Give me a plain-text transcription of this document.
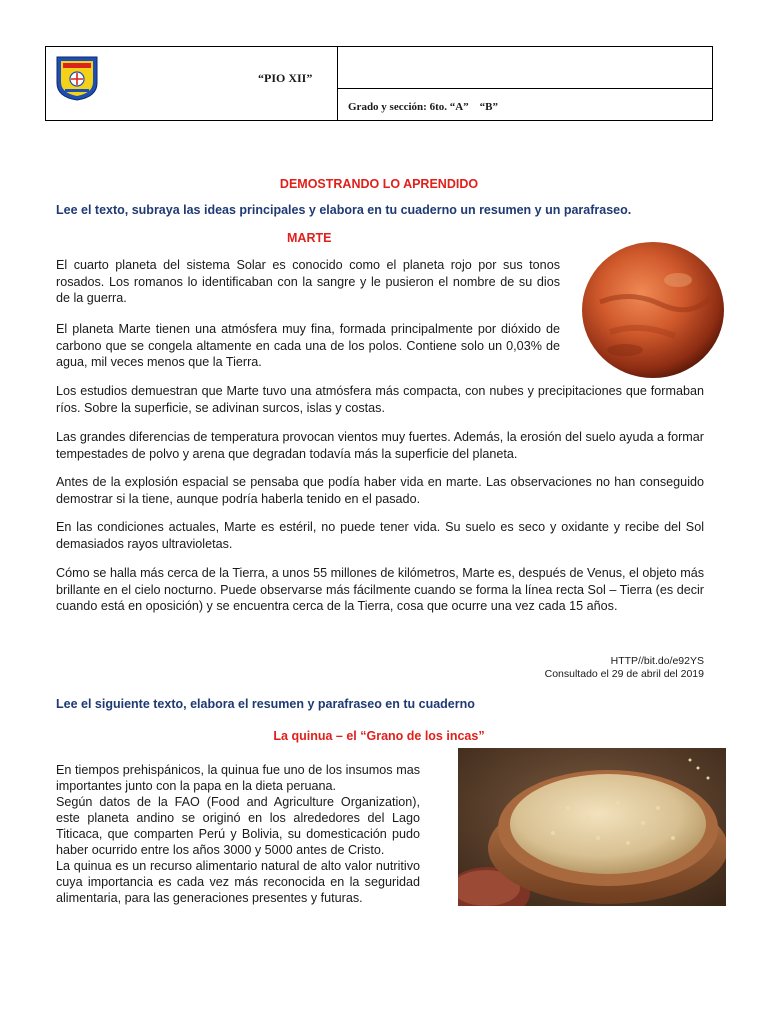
“PIO XII”
Grado y sección: 6to. “A”    “B”
DEMOSTRANDO LO APRENDIDO
Lee el texto, subraya las ideas principales y elabora en tu cuaderno un resumen y un parafraseo.
MARTE

El cuarto planeta del sistema Solar es conocido como el planeta rojo por sus tonos rosados. Los romanos lo identificaban con la sangre y le pusieron el nombre de su dios de la guerra.

El planeta Marte tienen una atmósfera muy fina, formada principalmente por dióxido de carbono que se congela altamente en cada una de los polos. Contiene solo un 0,03% de agua, mil veces menos que la Tierra.

Los estudios demuestran que Marte tuvo una atmósfera más compacta, con nubes y precipitaciones que formaban ríos. Sobre la superficie, se adivinan surcos, islas y costas.

Las grandes diferencias de temperatura provocan vientos muy fuertes. Además, la erosión del suelo ayuda a formar tempestades de polvo y arena que degradan todavía más la superficie del planeta.

Antes de la explosión espacial se pensaba que podía haber vida en marte. Las observaciones no han conseguido demostrar si la tiene, aunque podría haberla tenido en el pasado.

En las condiciones actuales, Marte es estéril, no puede tener vida. Su suelo es seco y oxidante y recibe del Sol demasiados rayos ultravioletas.

Cómo se halla más cerca de la Tierra, a unos 55 millones de kilómetros, Marte es, después de Venus, el objeto más brillante en el cielo nocturno. Puede observarse más fácilmente cuando se forma la línea recta Sol – Tierra (es decir cuando está en oposición) y se encuentra cerca de la Tierra, cosa que ocurre una vez cada 15 años.

HTTP//bit.do/e92YS
Consultado el 29 de abril del 2019
Lee el siguiente texto, elabora el resumen y parafraseo en tu cuaderno
La quinua – el “Grano de los incas”
En tiempos prehispánicos, la quinua fue uno de los insumos mas importantes junto con la papa en la dieta peruana.
Según datos de la FAO (Food and Agriculture Organization), este planeta andino se originó en los alrededores del Lago Titicaca, que comparten Perú y Bolivia, su domesticación pudo haber ocurrido entre los años 3000 y 5000 antes de Cristo.
La quinua es un recurso alimentario natural de alto valor nutritivo cuya importancia es cada vez más reconocida en la seguridad alimentaria, para las generaciones presentes y futuras.
